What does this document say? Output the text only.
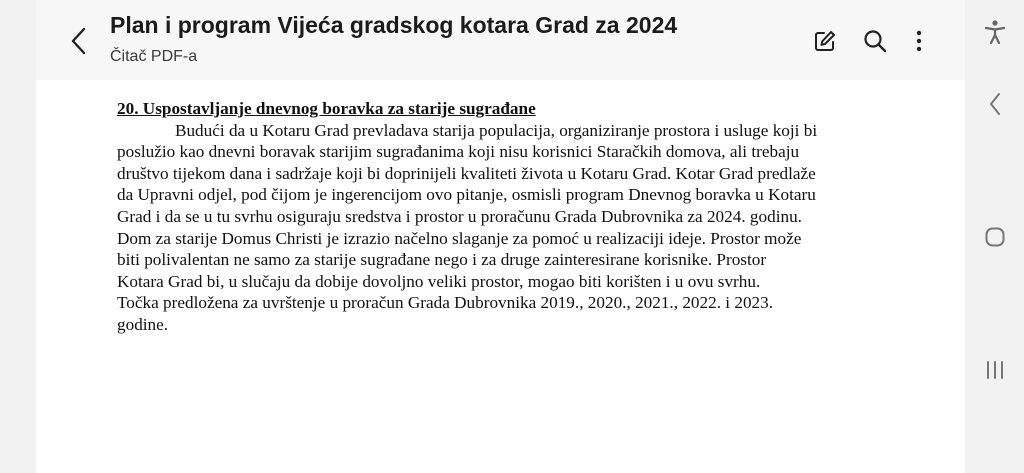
Plan i program Vijeća gradskog kotara Grad za 2024
Čitač PDF-a
20. Uspostavljanje dnevnog boravka za starije sugrađane
Budući da u Kotaru Grad prevladava starija populacija, organiziranje prostora i usluge koji bi
poslužio kao dnevni boravak starijim sugrađanima koji nisu korisnici Staračkih domova, ali trebaju
društvo tijekom dana i sadržaje koji bi doprinijeli kvaliteti života u Kotaru Grad. Kotar Grad predlaže
da Upravni odjel, pod čijom je ingerencijom ovo pitanje, osmisli program Dnevnog boravka u Kotaru
Grad i da se u tu svrhu osiguraju sredstva i prostor u proračunu Grada Dubrovnika za 2024. godinu.
Dom za starije Domus Christi je izrazio načelno slaganje za pomoć u realizaciji ideje. Prostor može
biti polivalentan ne samo za starije sugrađane nego i za druge zainteresirane korisnike. Prostor
Kotara Grad bi, u slučaju da dobije dovoljno veliki prostor, mogao biti korišten i u ovu svrhu.
Točka predložena za uvrštenje u proračun Grada Dubrovnika 2019., 2020., 2021., 2022. i 2023.
godine.
